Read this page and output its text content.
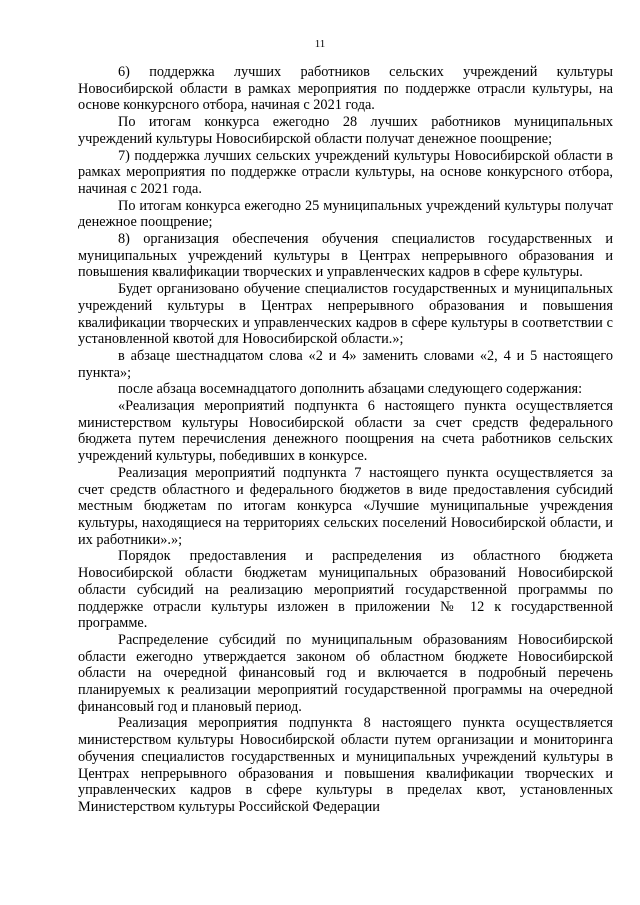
11

6) поддержка лучших работников сельских учреждений культуры Новосибирской области в рамках мероприятия по поддержке отрасли культуры, на основе конкурсного отбора, начиная с 2021 года.

По итогам конкурса ежегодно 28 лучших работников муниципальных учреждений культуры Новосибирской области получат денежное поощрение;

7) поддержка лучших сельских учреждений культуры Новосибирской области в рамках мероприятия по поддержке отрасли культуры, на основе конкурсного отбора, начиная с 2021 года.

По итогам конкурса ежегодно 25 муниципальных учреждений культуры получат денежное поощрение;

8) организация обеспечения обучения специалистов государственных и муниципальных учреждений культуры в Центрах непрерывного образования и повышения квалификации творческих и управленческих кадров в сфере культуры.

Будет организовано обучение специалистов государственных и муниципальных учреждений культуры в Центрах непрерывного образования и повышения квалификации творческих и управленческих кадров в сфере культуры в соответствии с установленной квотой для Новосибирской области.»;

в абзаце шестнадцатом слова «2 и 4» заменить словами «2, 4 и 5 настоящего пункта»;

после абзаца восемнадцатого дополнить абзацами следующего содержания:

«Реализация мероприятий подпункта 6 настоящего пункта осуществляется министерством культуры Новосибирской области за счет средств федерального бюджета путем перечисления денежного поощрения на счета работников сельских учреждений культуры, победивших в конкурсе.

Реализация мероприятий подпункта 7 настоящего пункта осуществляется за счет средств областного и федерального бюджетов в виде предоставления субсидий местным бюджетам по итогам конкурса «Лучшие муниципальные учреждения культуры, находящиеся на территориях сельских поселений Новосибирской области, и их работники».»;

Порядок предоставления и распределения из областного бюджета Новосибирской области бюджетам муниципальных образований Новосибирской области субсидий на реализацию мероприятий государственной программы по поддержке отрасли культуры изложен в приложении № 12 к государственной программе.

Распределение субсидий по муниципальным образованиям Новосибирской области ежегодно утверждается законом об областном бюджете Новосибирской области на очередной финансовый год и включается в подробный перечень планируемых к реализации мероприятий государственной программы на очередной финансовый год и плановый период.

Реализация мероприятия подпункта 8 настоящего пункта осуществляется министерством культуры Новосибирской области путем организации и мониторинга обучения специалистов государственных и муниципальных учреждений культуры в Центрах непрерывного образования и повышения квалификации творческих и управленческих кадров в сфере культуры в пределах квот, установленных Министерством культуры Российской Федерации
